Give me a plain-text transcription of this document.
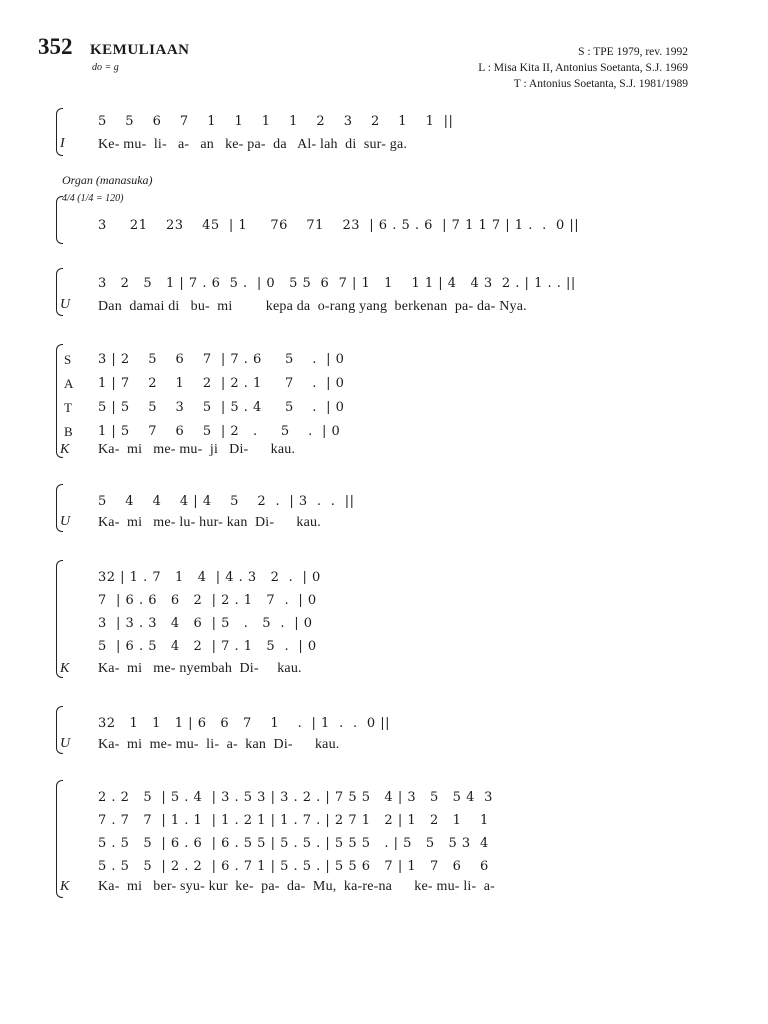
352 KEMULIAAN
do = g
S : TPE 1979, rev. 1992
L : Misa Kita II, Antonius Soetanta, S.J. 1969
T : Antonius Soetanta, S.J. 1981/1989
Organ (manasuka)
4/4 (1/4 = 120)
I
5    5    6    7    1    1    1    1    2    3    2    1    1  ||
Ke- mu-  li-   a-   an   ke- pa-  da   Al- lah  di  sur- ga.
3     21    23    45  | 1     76    71    23  | 6 . 5 . 6  | 7 1 1 7 | 1 .  .  0 ||
U
3   2   5   1 | 7 . 6  5 .  | 0   5 5  6  7 | 1   1    1 1 | 4   4 3  2 . | 1 . . ||
Dan  damai di   bu-  mi         kepa da  o-rang yang  berkenan  pa- da- Nya.
S
A
T
B
3 | 2    5    6    7  | 7 . 6     5    .  | 0
1 | 7    2    1    2  | 2 . 1     7    .  | 0
5 | 5    5    3    5  | 5 . 4     5    .  | 0
1 | 5    7    6    5  | 2   .     5    .  | 0
K Ka-  mi   me- mu-  ji   Di-      kau.
U
5    4    4    4 | 4    5    2  .  | 3  .  .  ||
Ka-  mi   me- lu- hur- kan  Di-      kau.
32 | 1 . 7   1   4  | 4 . 3   2  .  | 0
7  | 6 . 6   6   2  | 2 . 1   7  .  | 0
3  | 3 . 3   4   6  | 5   .   5  .  | 0
5  | 6 . 5   4   2  | 7 . 1   5  .  | 0
K Ka-  mi   me- nyembah  Di-     kau.
U
32   1   1   1 | 6   6   7    1    .  | 1  .  .  0 ||
Ka-  mi  me- mu-  li-  a-  kan  Di-      kau.
2 . 2   5  | 5 . 4  | 3 . 5 3 | 3 . 2 . | 7 5 5   4 | 3   5   5 4  3
7 . 7   7  | 1 . 1  | 1 . 2 1 | 1 . 7 . | 2 7 1   2 | 1   2   1    1
5 . 5   5  | 6 . 6  | 6 . 5 5 | 5 . 5 . | 5 5 5   . | 5   5   5 3  4
5 . 5   5  | 2 . 2  | 6 . 7 1 | 5 . 5 . | 5 5 6   7 | 1   7   6    6
K Ka-  mi   ber- syu- kur  ke-  pa-  da-  Mu,  ka-re-na      ke- mu- li-  a-
